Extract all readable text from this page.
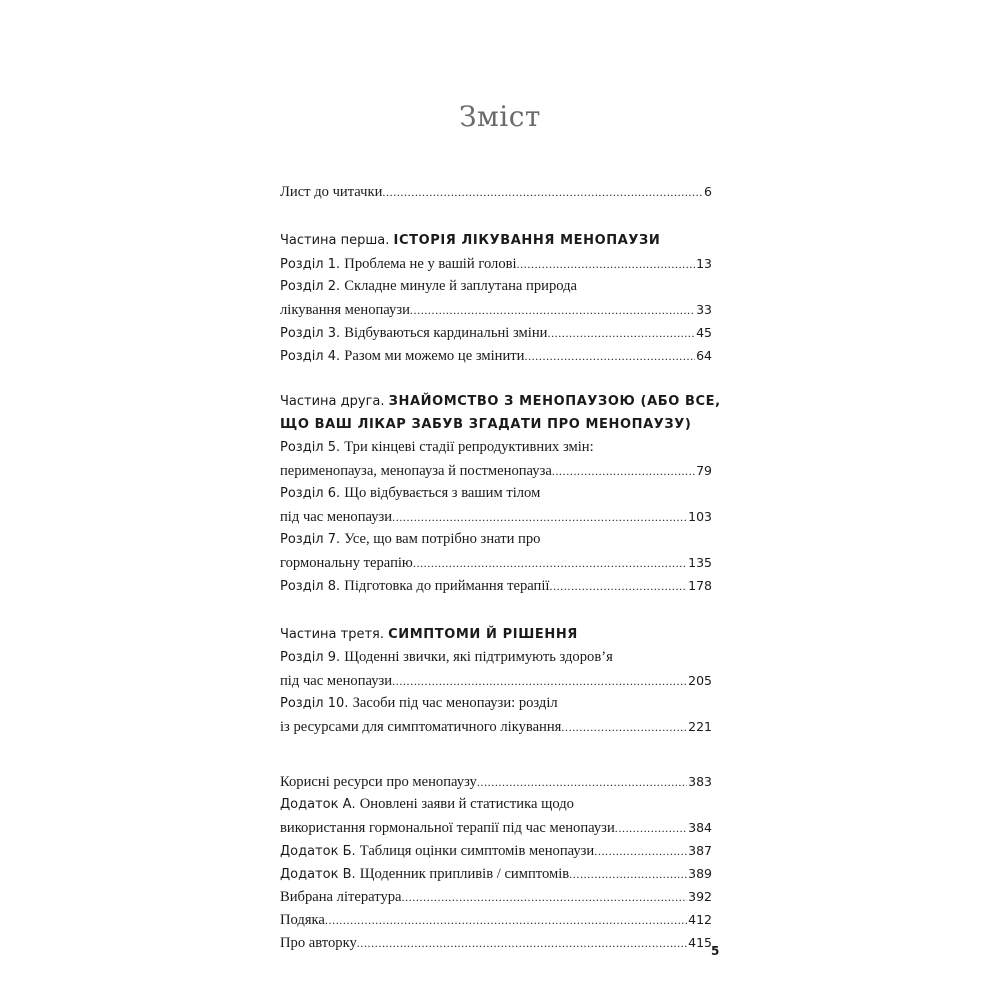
Зміст
Лист до читачки .....	6
Частина перша. ІСТОРІЯ ЛІКУВАННЯ МЕНОПАУЗИ
Розділ 1. Проблема не у вашій голові .....	13
Розділ 2. Складне минуле й заплутана природа
лікування менопаузи .....	33
Розділ 3. Відбуваються кардинальні зміни .....	45
Розділ 4. Разом ми можемо це змінити .....	64
Частина друга. ЗНАЙОМСТВО З МЕНОПАУЗОЮ (АБО ВСЕ,
ЩО ВАШ ЛІКАР ЗАБУВ ЗГАДАТИ ПРО МЕНОПАУЗУ)
Розділ 5. Три кінцеві стадії репродуктивних змін:
перименопауза, менопауза й постменопауза .....	79
Розділ 6. Що відбувається з вашим тілом
під час менопаузи .....	103
Розділ 7. Усе, що вам потрібно знати про
гормональну терапію .....	135
Розділ 8. Підготовка до приймання терапії .....	178
Частина третя. СИМПТОМИ Й РІШЕННЯ
Розділ 9. Щоденні звички, які підтримують здоров’я
під час менопаузи .....	205
Розділ 10. Засоби під час менопаузи: розділ
із ресурсами для симптоматичного лікування .....	221
Корисні ресурси про менопаузу .....	383
Додаток А. Оновлені заяви й статистика щодо
використання гормональної терапії під час менопаузи .....	384
Додаток Б. Таблиця оцінки симптомів менопаузи .....	387
Додаток В. Щоденник припливів / симптомів .....	389
Вибрана література .....	392
Подяка .....	412
Про авторку .....	415
5
